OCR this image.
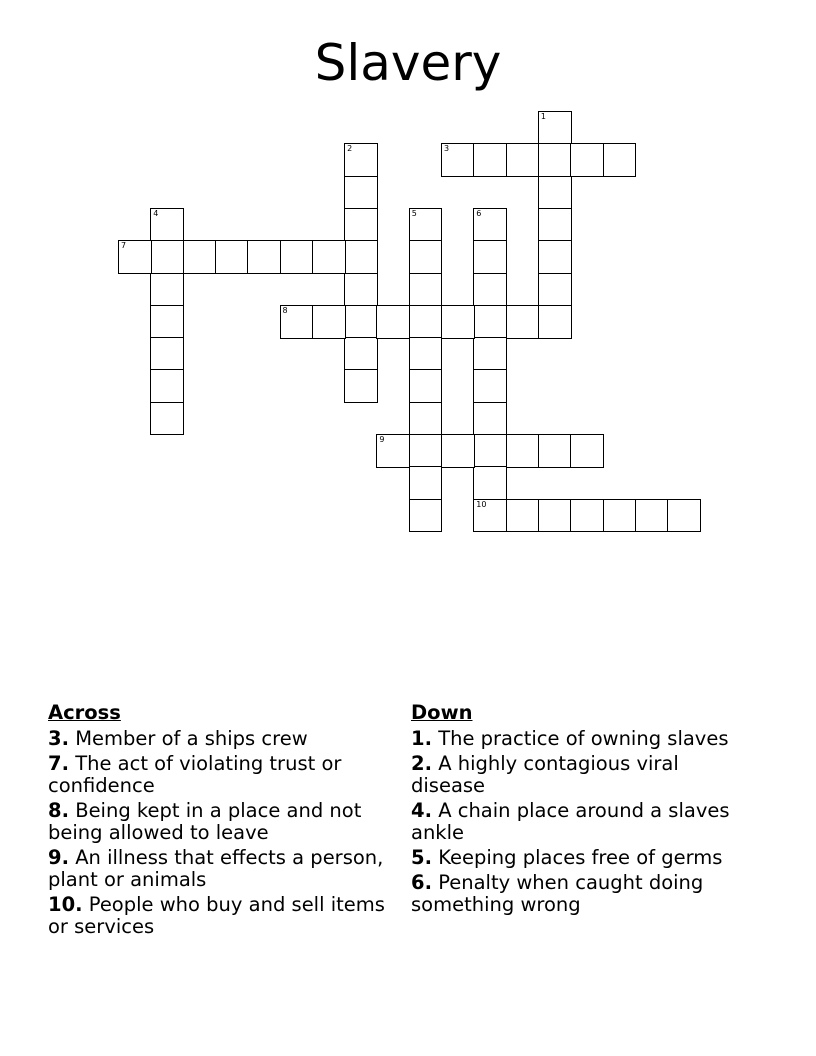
Slavery
1
2	3
4	5	6
10
7
8
9
Across
3. Member of a ships crew
7. The act of violating trust or confidence
8. Being kept in a place and not being allowed to leave
9. An illness that effects a person, plant or animals
10. People who buy and sell items or services
Down
1. The practice of owning slaves
2. A highly contagious viral disease
4. A chain place around a slaves ankle
5. Keeping places free of germs
6. Penalty when caught doing something wrong
